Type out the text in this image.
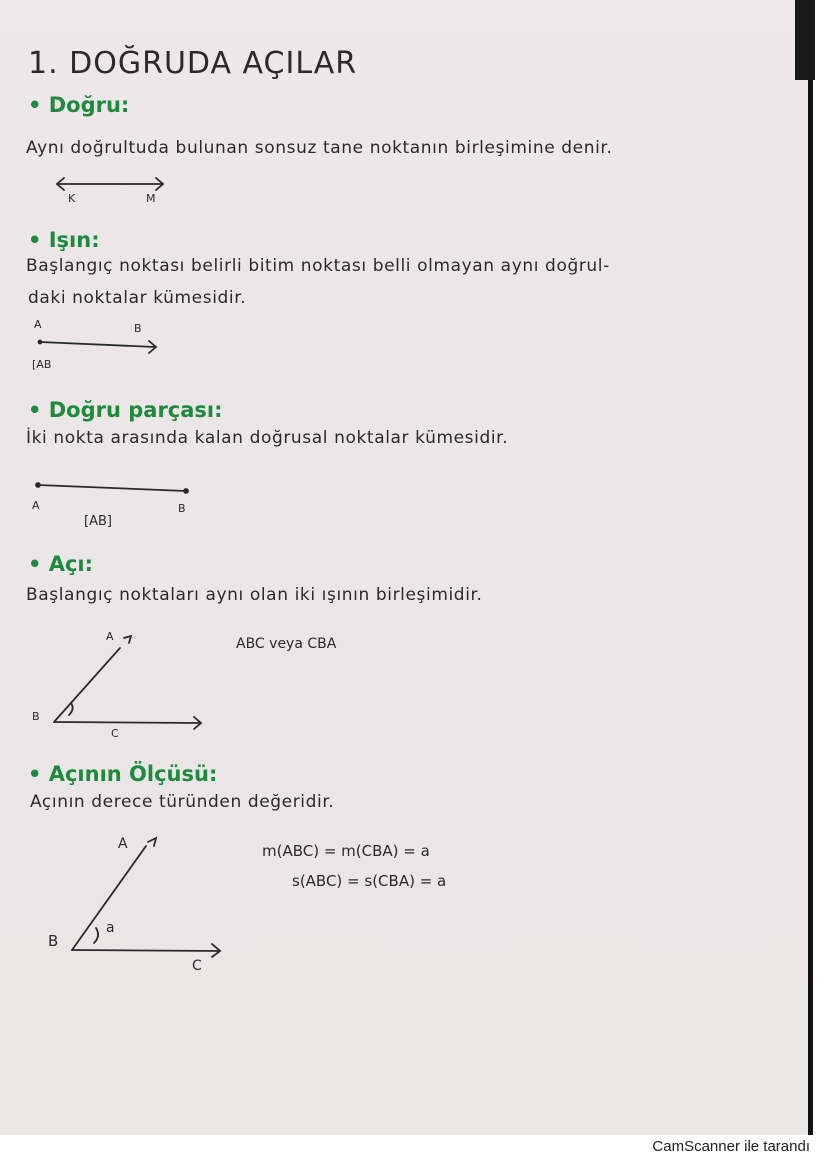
1. DOĞRUDA AÇILAR
• Doğru:
Aynı doğrultuda bulunan sonsuz tane noktanın birleşimine denir.
K	M
• Işın:
Başlangıç noktası belirli bitim noktası belli olmayan aynı doğrul-
daki noktalar kümesidir.
A	B
[AB
• Doğru parçası:
İki nokta arasında kalan doğrusal noktalar kümesidir.
A	B
[AB]
• Açı:
Başlangıç noktaları aynı olan iki ışının birleşimidir.
A
B
C
ABC veya CBA
• Açının Ölçüsü:
Açının derece türünden değeridir.
A
B
C
a
m(ABC) = m(CBA) = a
s(ABC) = s(CBA) = a
CamScanner ile tarandı
